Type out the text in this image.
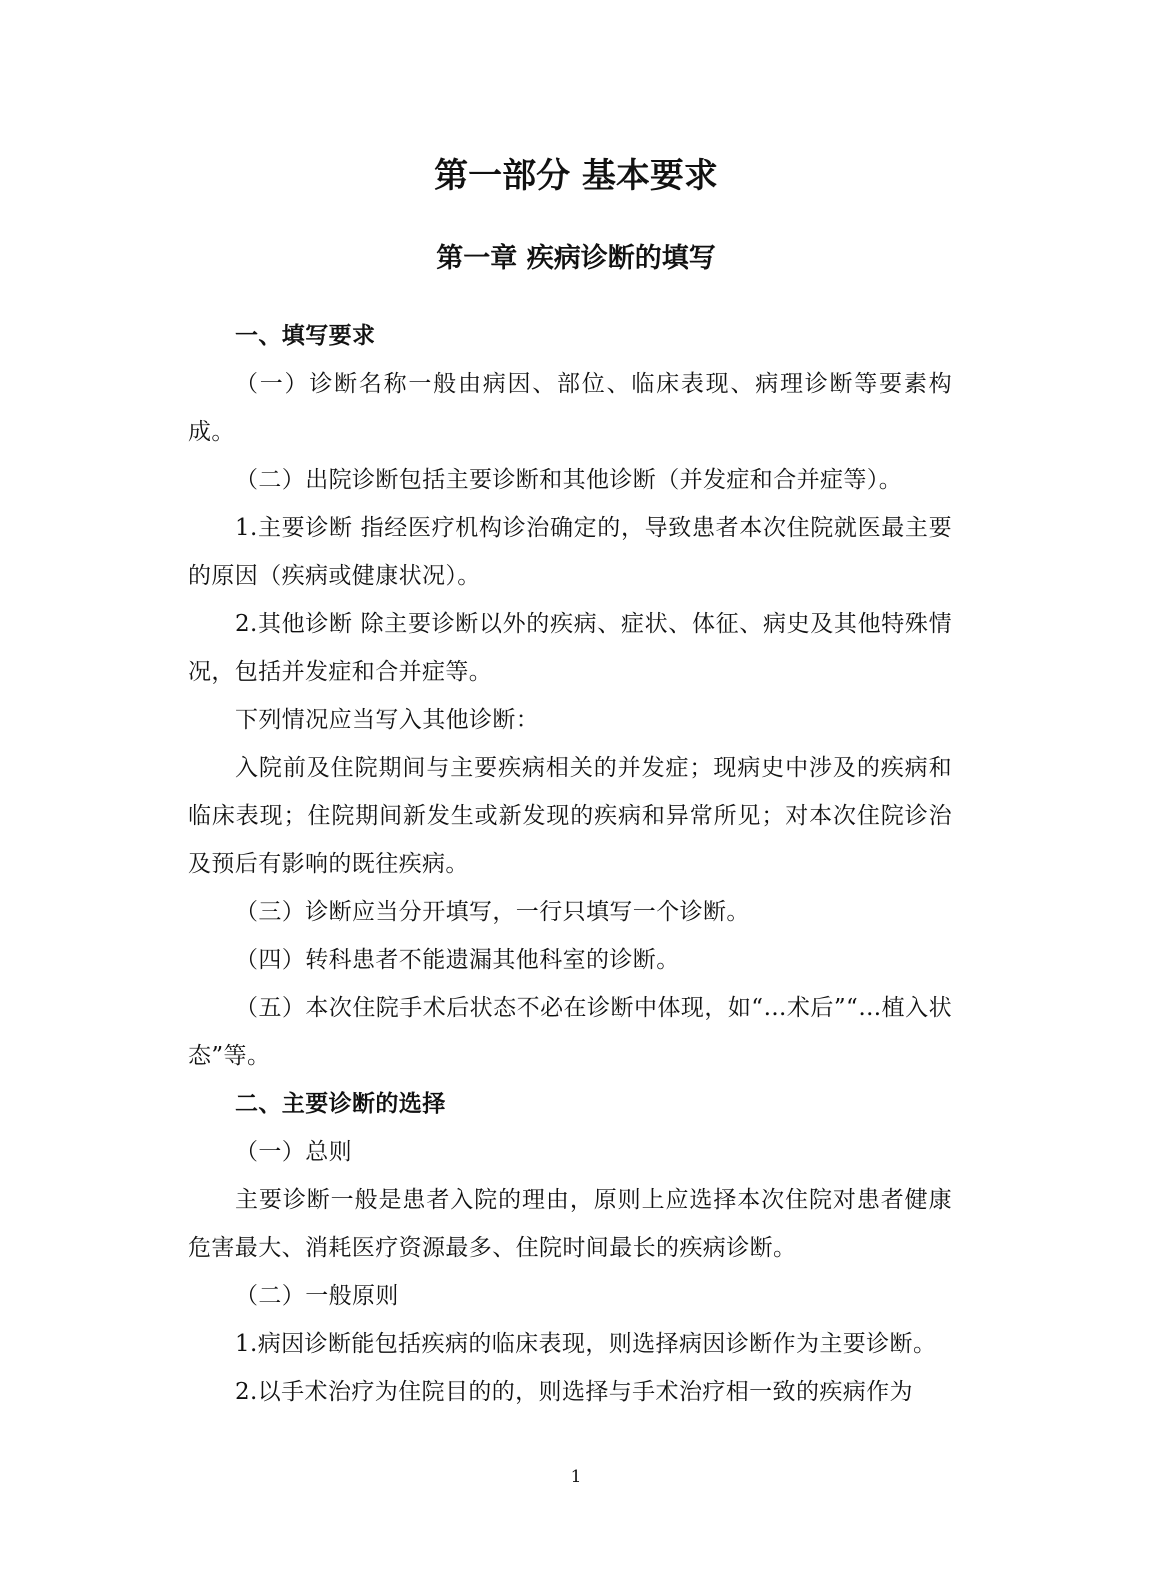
第一部分 基本要求
第一章 疾病诊断的填写

一、填写要求

（一）诊断名称一般由病因、部位、临床表现、病理诊断等要素构成。

（二）出院诊断包括主要诊断和其他诊断（并发症和合并症等）。

1.主要诊断 指经医疗机构诊治确定的，导致患者本次住院就医最主要的原因（疾病或健康状况）。

2.其他诊断 除主要诊断以外的疾病、症状、体征、病史及其他特殊情况，包括并发症和合并症等。

下列情况应当写入其他诊断：

入院前及住院期间与主要疾病相关的并发症；现病史中涉及的疾病和临床表现；住院期间新发生或新发现的疾病和异常所见；对本次住院诊治及预后有影响的既往疾病。

（三）诊断应当分开填写，一行只填写一个诊断。

（四）转科患者不能遗漏其他科室的诊断。

（五）本次住院手术后状态不必在诊断中体现，如“…术后”“…植入状态”等。

二、主要诊断的选择

（一）总则

主要诊断一般是患者入院的理由，原则上应选择本次住院对患者健康危害最大、消耗医疗资源最多、住院时间最长的疾病诊断。

（二）一般原则

1.病因诊断能包括疾病的临床表现，则选择病因诊断作为主要诊断。

2.以手术治疗为住院目的的，则选择与手术治疗相一致的疾病作为

1
